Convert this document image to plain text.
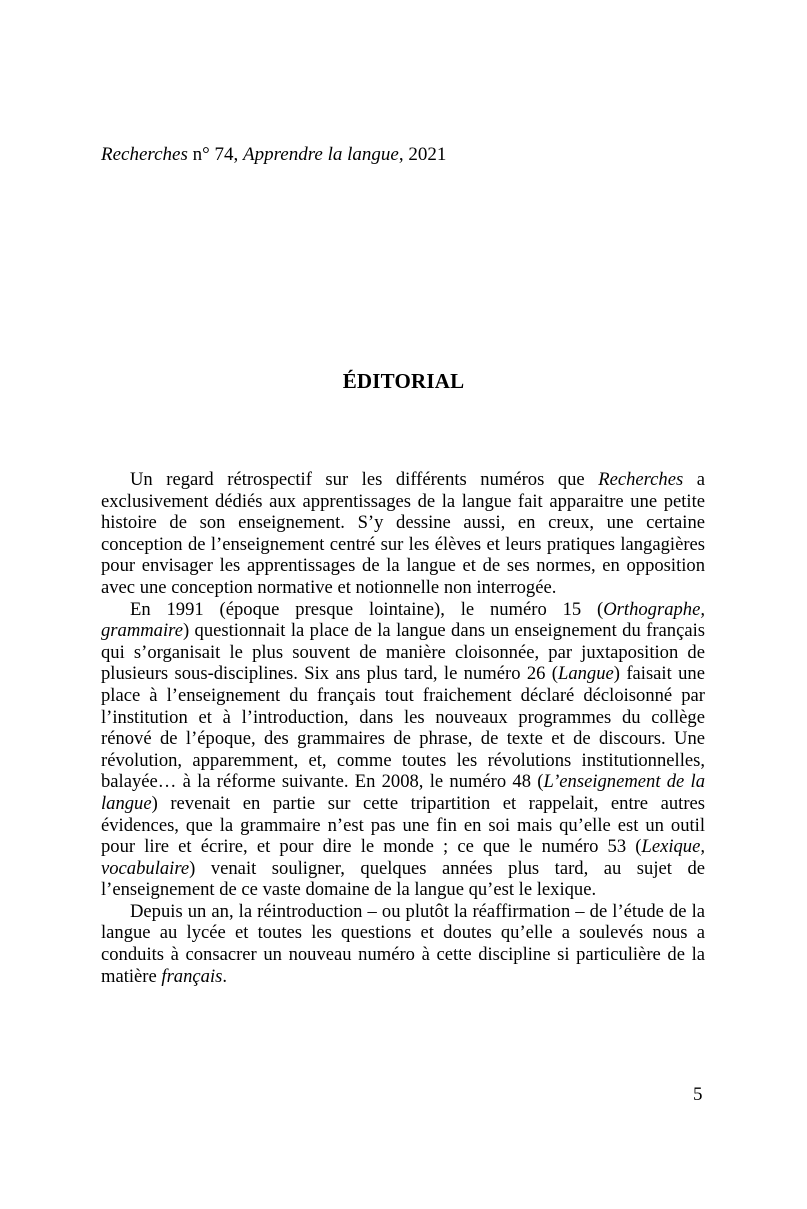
Recherches n° 74, Apprendre la langue, 2021
ÉDITORIAL

Un regard rétrospectif sur les différents numéros que Recherches a exclusivement dédiés aux apprentissages de la langue fait apparaitre une petite histoire de son enseignement. S’y dessine aussi, en creux, une certaine conception de l’enseignement centré sur les élèves et leurs pratiques langagières pour envisager les apprentissages de la langue et de ses normes, en opposition avec une conception normative et notionnelle non interrogée.

En 1991 (époque presque lointaine), le numéro 15 (Orthographe, grammaire) questionnait la place de la langue dans un enseignement du français qui s’organisait le plus souvent de manière cloisonnée, par juxtaposition de plusieurs sous-disciplines. Six ans plus tard, le numéro 26 (Langue) faisait une place à l’enseignement du français tout fraichement déclaré décloisonné par l’institution et à l’introduction, dans les nouveaux programmes du collège rénové de l’époque, des grammaires de phrase, de texte et de discours. Une révolution, apparemment, et, comme toutes les révolutions institutionnelles, balayée… à la réforme suivante. En 2008, le numéro 48 (L’enseignement de la langue) revenait en partie sur cette tripartition et rappelait, entre autres évidences, que la grammaire n’est pas une fin en soi mais qu’elle est un outil pour lire et écrire, et pour dire le monde ; ce que le numéro 53 (Lexique, vocabulaire) venait souligner, quelques années plus tard, au sujet de l’enseignement de ce vaste domaine de la langue qu’est le lexique.

Depuis un an, la réintroduction – ou plutôt la réaffirmation – de l’étude de la langue au lycée et toutes les questions et doutes qu’elle a soulevés nous a conduits à consacrer un nouveau numéro à cette discipline si particulière de la matière français.

5
